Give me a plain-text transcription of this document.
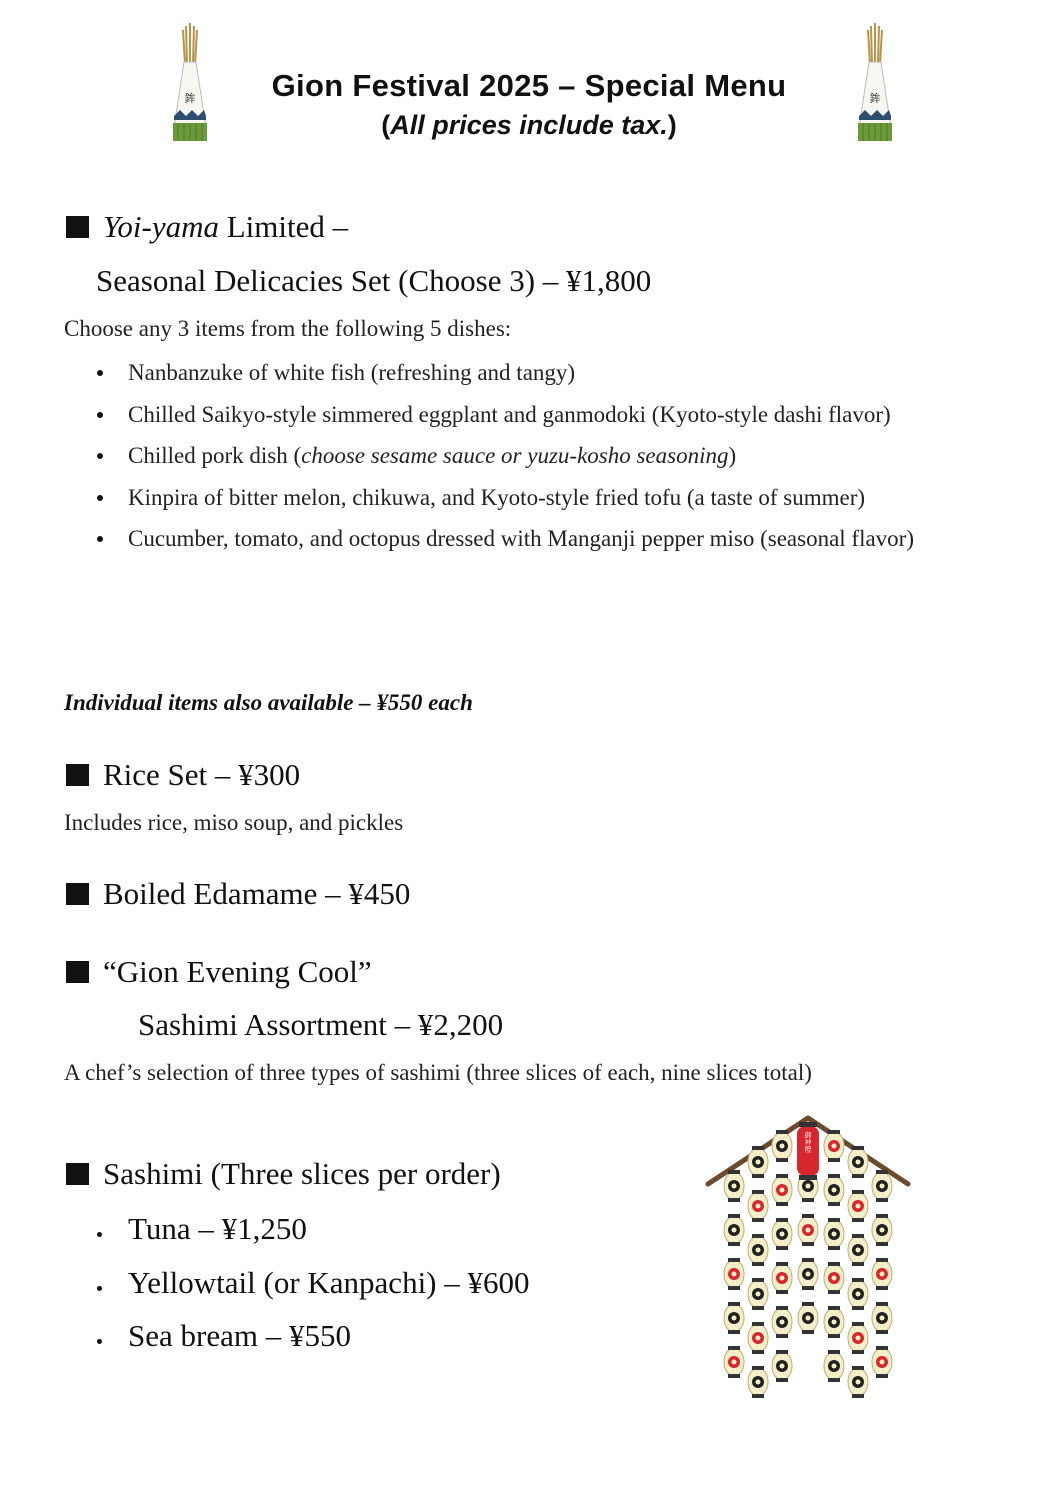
鉾	鉾
Gion Festival 2025 – Special Menu
(All prices include tax.)
Yoi-yama Limited –
Seasonal Delicacies Set (Choose 3) – ¥1,800
Choose any 3 items from the following 5 dishes:
Nanbanzuke of white fish (refreshing and tangy)
Chilled Saikyo-style simmered eggplant and ganmodoki (Kyoto-style dashi flavor)
Chilled pork dish (choose sesame sauce or yuzu-kosho seasoning)
Kinpira of bitter melon, chikuwa, and Kyoto-style fried tofu (a taste of summer)
Cucumber, tomato, and octopus dressed with Manganji pepper miso (seasonal flavor)
Individual items also available – ¥550 each
Rice Set – ¥300
Includes rice, miso soup, and pickles
Boiled Edamame – ¥450
“Gion Evening Cool”
Sashimi Assortment – ¥2,200
A chef’s selection of three types of sashimi (three slices of each, nine slices total)
Sashimi (Three slices per order)
Tuna – ¥1,250
Yellowtail (or Kanpachi) – ¥600
Sea bream – ¥550
御神燈
